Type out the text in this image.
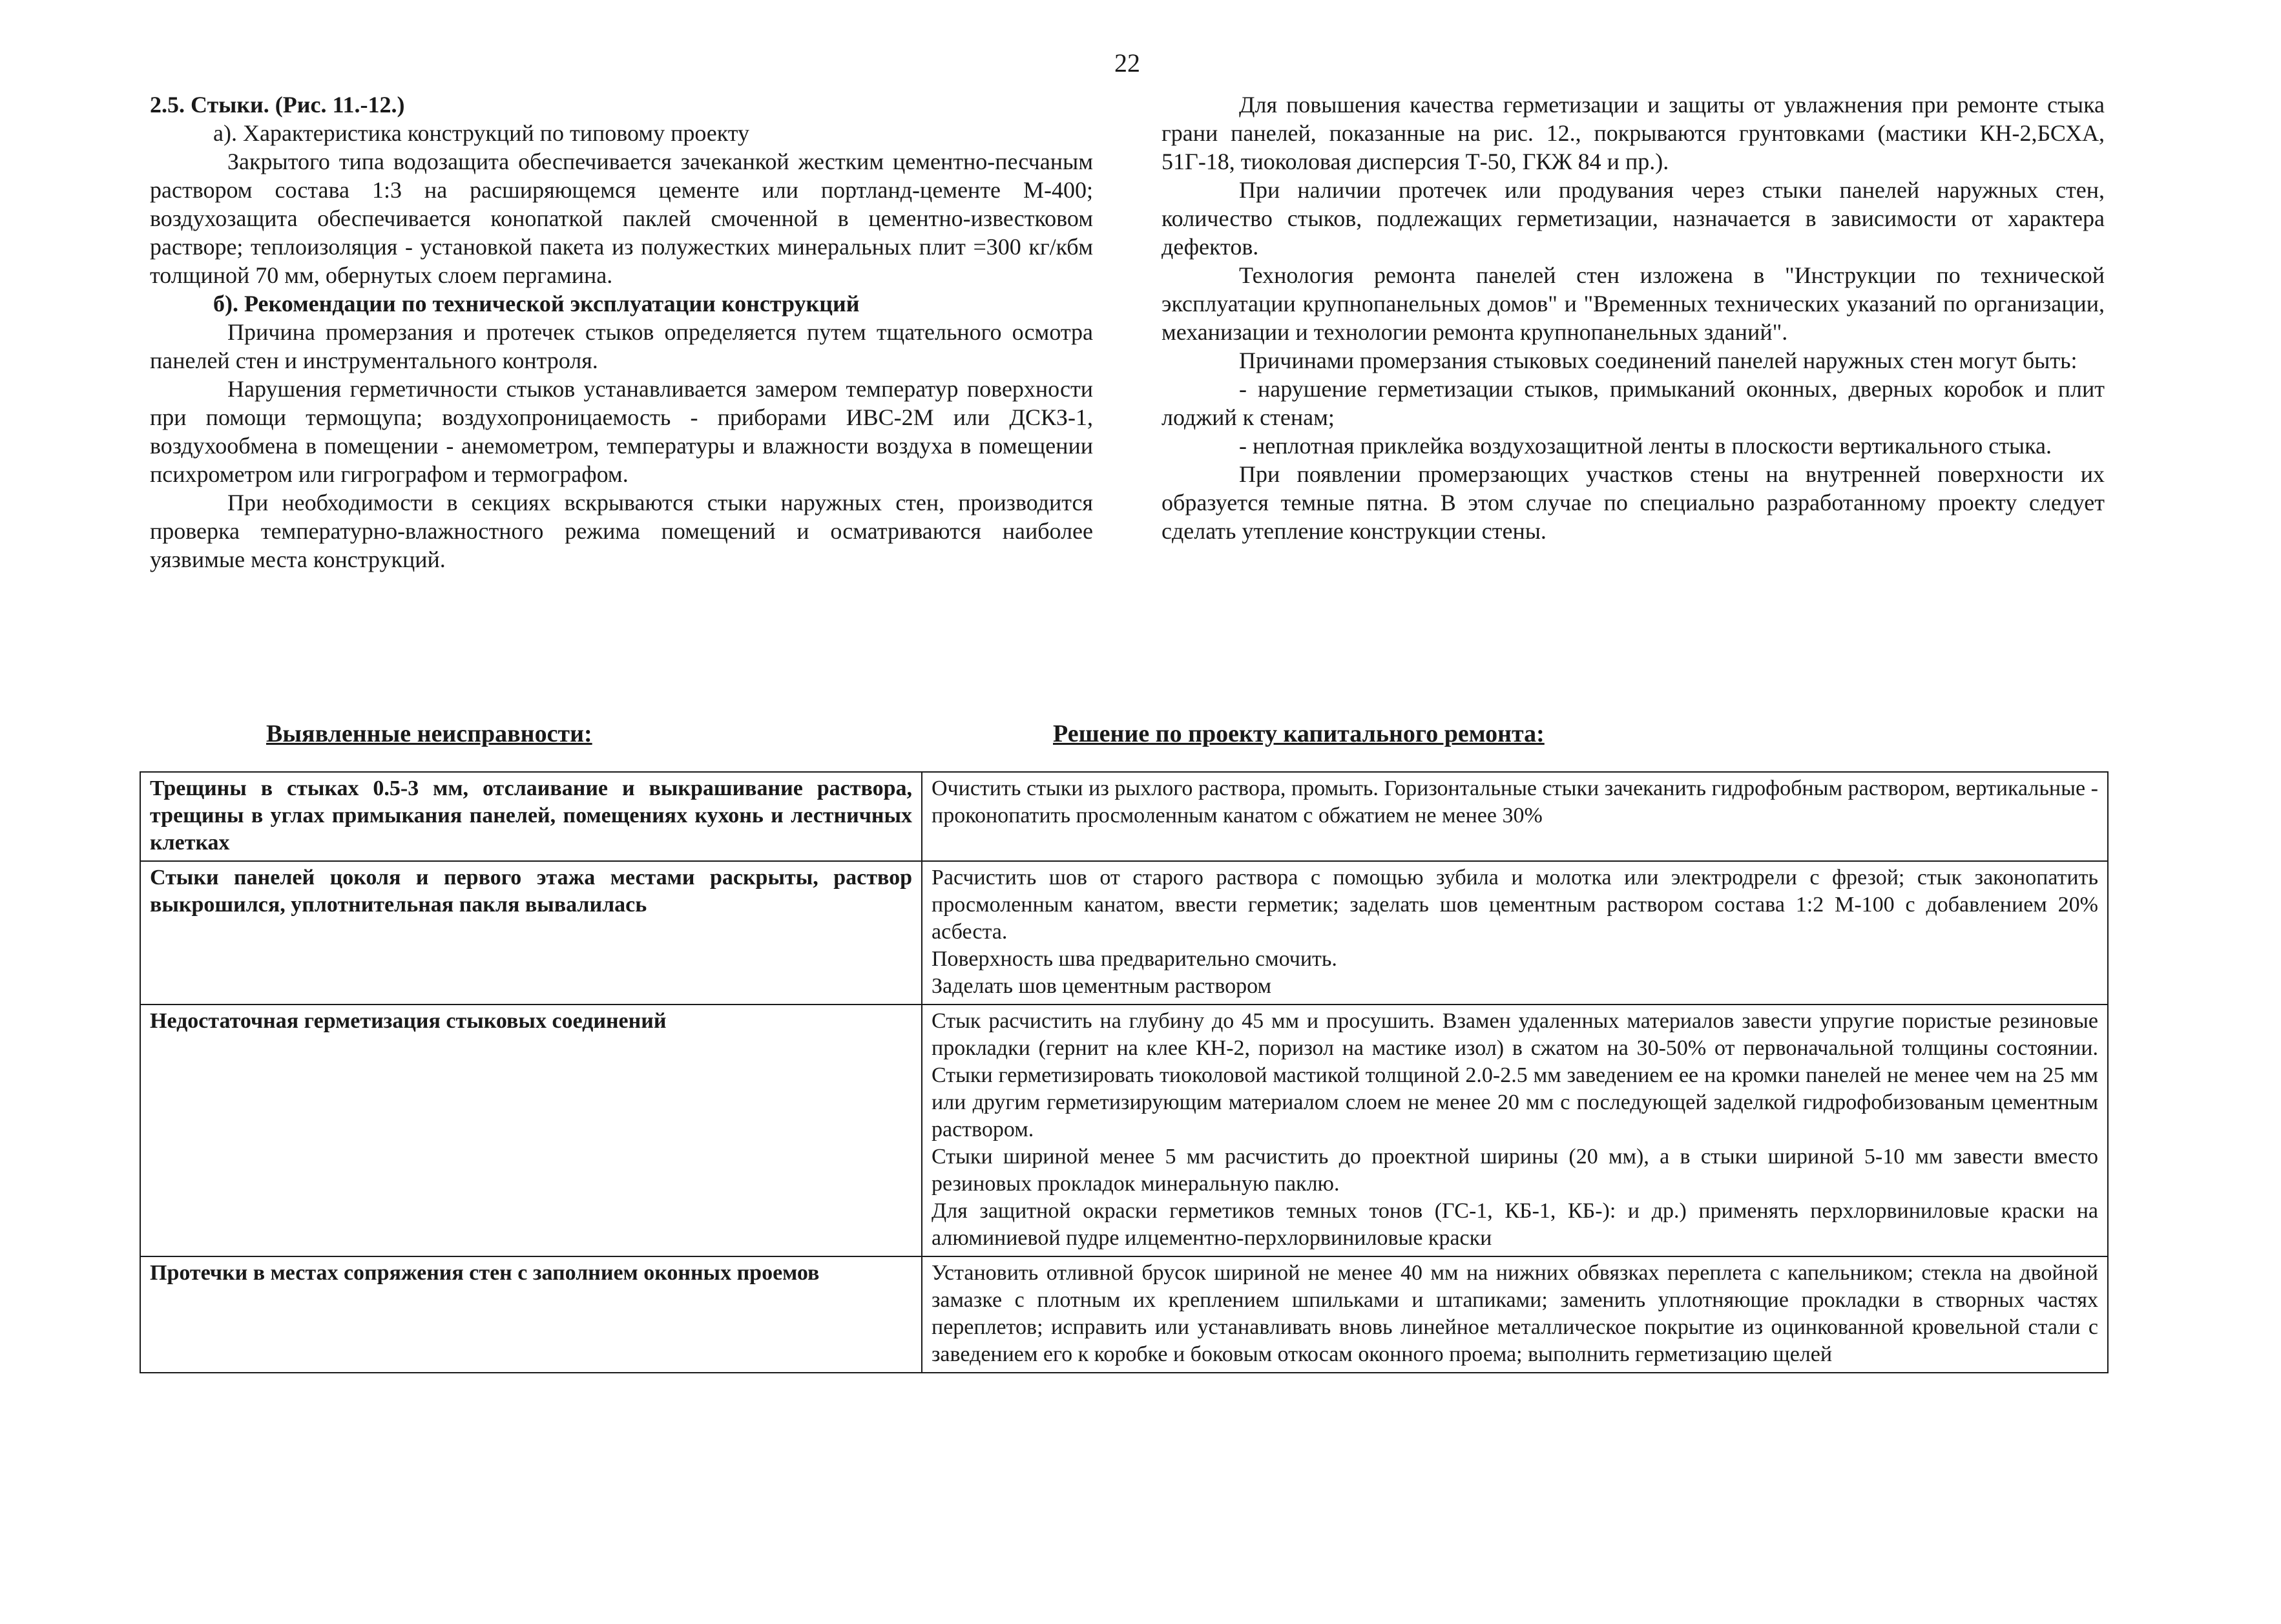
22

2.5. Стыки. (Рис. 11.-12.)

а). Характеристика конструкций по типовому проекту

Закрытого типа водозащита обеспечивается зачеканкой жестким цементно-песчаным раствором состава 1:3 на расширяющемся цементе или портланд-цементе М-400; воздухозащита обеспечивается конопаткой паклей смоченной в цементно-известковом растворе; теплоизоляция - установкой пакета из полужестких минеральных плит =300 кг/кбм толщиной 70 мм, обернутых слоем пергамина.

б). Рекомендации по технической эксплуатации конструкций

Причина промерзания и протечек стыков определяется путем тщательного осмотра панелей стен и инструментального контроля.

Нарушения герметичности стыков устанавливается замером температур поверхности при помощи термощупа; воздухопроницаемость - приборами ИВС-2М или ДСКЗ-1, воздухообмена в помещении - анемометром, температуры и влажности воздуха в помещении психрометром или гигрографом и термографом.

При необходимости в секциях вскрываются стыки наружных стен, производится проверка температурно-влажностного режима помещений и осматриваются наиболее уязвимые места конструкций.

Для повышения качества герметизации и защиты от увлажнения при ремонте стыка грани панелей, показанные на рис. 12., покрываются грунтовками (мастики КН-2,БСХА, 51Г-18, тиоколовая дисперсия Т-50, ГКЖ 84 и пр.).

При наличии протечек или продувания через стыки панелей наружных стен, количество стыков, подлежащих герметизации, назначается в зависимости от характера дефектов.

Технология ремонта панелей стен изложена в "Инструкции по технической эксплуатации крупнопанельных домов" и "Временных технических указаний по организации, механизации и технологии ремонта крупнопанельных зданий".

Причинами промерзания стыковых соединений панелей наружных стен могут быть:

- нарушение герметизации стыков, примыканий оконных, дверных коробок и плит лоджий к стенам;

- неплотная приклейка воздухозащитной ленты в плоскости вертикального стыка.

При появлении промерзающих участков стены на внутренней поверхности их образуется темные пятна. В этом случае по специально разработанному проекту следует сделать утепление конструкции стены.

Выявленные неисправности:	Решение по проекту капитального ремонта:
Трещины в стыках 0.5-3 мм, отслаивание и выкрашивание раствора, трещины в углах примыкания панелей, помещениях кухонь и лестничных клетках	Очистить стыки из рыхлого раствора, промыть. Горизонтальные стыки зачеканить гидрофобным раствором, вертикальные - проконопатить просмоленным канатом с обжатием не менее 30%

Стыки панелей цоколя и первого этажа местами раскрыты, раствор выкрошился, уплотнительная пакля вывалилась	Расчистить шов от старого раствора с помощью зубила и молотка или электродрели с фрезой; стык законопатить просмоленным канатом, ввести герметик; заделать шов цементным раствором состава 1:2 М-100 с добавлением 20% асбеста.

Поверхность шва предварительно смочить.

Заделать шов цементным раствором

Недостаточная герметизация стыковых соединений	Стык расчистить на глубину до 45 мм и просушить. Взамен удаленных материалов завести упругие пористые резиновые прокладки (гернит на клее КН-2, поризол на мастике изол) в сжатом на 30-50% от первоначальной толщины состоянии. Стыки герметизировать тиоколовой мастикой толщиной 2.0-2.5 мм заведением ее на кромки панелей не менее чем на 25 мм или другим герметизирующим материалом слоем не менее 20 мм с последующей заделкой гидрофобизованым цементным раствором.

Стыки шириной менее 5 мм расчистить до проектной ширины (20 мм), а в стыки шириной 5-10 мм завести вместо резиновых прокладок минеральную паклю.

Для защитной окраски герметиков темных тонов (ГС-1, КБ-1, КБ-): и др.) применять перхлорвиниловые краски на алюминиевой пудре илцементно-перхлорвиниловые краски

Протечки в местах сопряжения стен с заполнием оконных проемов	Установить отливной брусок шириной не менее 40 мм на нижних обвязках переплета с капельником; стекла на двойной замазке с плотным их креплением шпильками и штапиками; заменить уплотняющие прокладки в створных частях переплетов; исправить или устанавливать вновь линейное металлическое покрытие из оцинкованной кровельной стали с заведением его к коробке и боковым откосам оконного проема; выполнить герметизацию щелей
